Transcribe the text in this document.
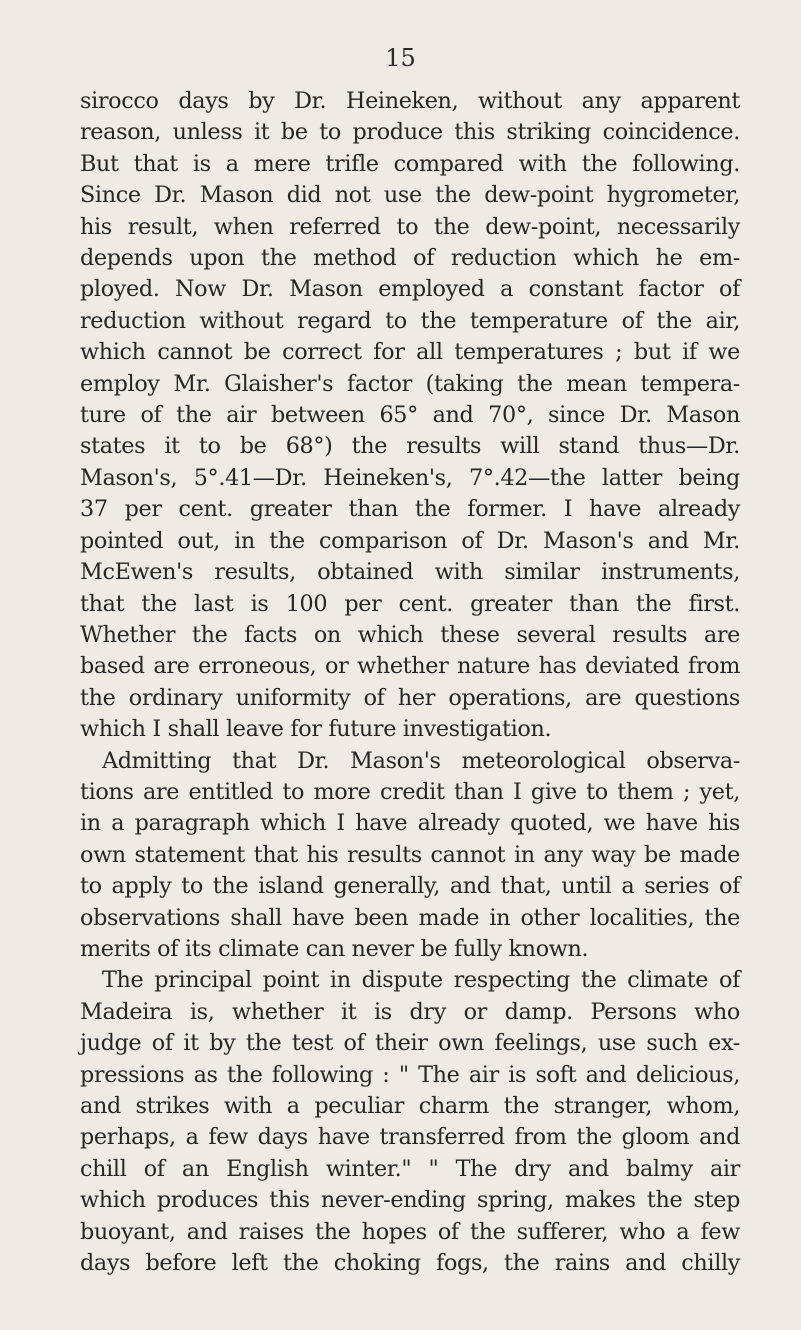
15
sirocco days by Dr. Heineken, without any apparent
reason, unless it be to produce this striking coincidence.
But that is a mere trifle compared with the following.
Since Dr. Mason did not use the dew-point hygrometer,
his result, when referred to the dew-point, necessarily
depends upon the method of reduction which he em-
ployed. Now Dr. Mason employed a constant factor of
reduction without regard to the temperature of the air,
which cannot be correct for all temperatures ; but if we
employ Mr. Glaisher's factor (taking the mean tempera-
ture of the air between 65° and 70°, since Dr. Mason
states it to be 68°) the results will stand thus—Dr.
Mason's, 5°.41—Dr. Heineken's, 7°.42—the latter being
37 per cent. greater than the former. I have already
pointed out, in the comparison of Dr. Mason's and Mr.
McEwen's results, obtained with similar instruments,
that the last is 100 per cent. greater than the first.
Whether the facts on which these several results are
based are erroneous, or whether nature has deviated from
the ordinary uniformity of her operations, are questions
which I shall leave for future investigation.
Admitting that Dr. Mason's meteorological observa-
tions are entitled to more credit than I give to them ; yet,
in a paragraph which I have already quoted, we have his
own statement that his results cannot in any way be made
to apply to the island generally, and that, until a series of
observations shall have been made in other localities, the
merits of its climate can never be fully known.
The principal point in dispute respecting the climate of
Madeira is, whether it is dry or damp. Persons who
judge of it by the test of their own feelings, use such ex-
pressions as the following : " The air is soft and delicious,
and strikes with a peculiar charm the stranger, whom,
perhaps, a few days have transferred from the gloom and
chill of an English winter." " The dry and balmy air
which produces this never-ending spring, makes the step
buoyant, and raises the hopes of the sufferer, who a few
days before left the choking fogs, the rains and chilly
